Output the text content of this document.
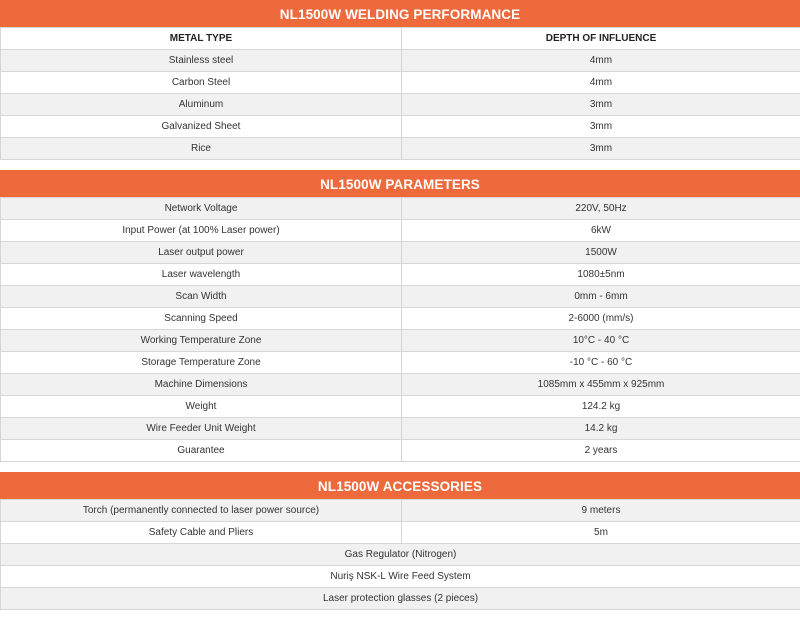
NL1500W WELDING PERFORMANCE
METAL TYPE	DEPTH OF INFLUENCE
Stainless steel	4mm
Carbon Steel	4mm
Aluminum	3mm
Galvanized Sheet	3mm
Rice	3mm
NL1500W PARAMETERS
Network Voltage	220V, 50Hz
Input Power (at 100% Laser power)	6kW
Laser output power	1500W
Laser wavelength	1080±5nm
Scan Width	0mm - 6mm
Scanning Speed	2-6000 (mm/s)
Working Temperature Zone	10°C - 40 °C
Storage Temperature Zone	-10 °C - 60 °C
Machine Dimensions	1085mm x 455mm x 925mm
Weight	124.2 kg
Wire Feeder Unit Weight	14.2 kg
Guarantee	2 years
NL1500W ACCESSORIES
Torch (permanently connected to laser power source)	9 meters
Safety Cable and Pliers	5m
Gas Regulator (Nitrogen)	
Nuriş NSK-L Wire Feed System	
Laser protection glasses (2 pieces)	
